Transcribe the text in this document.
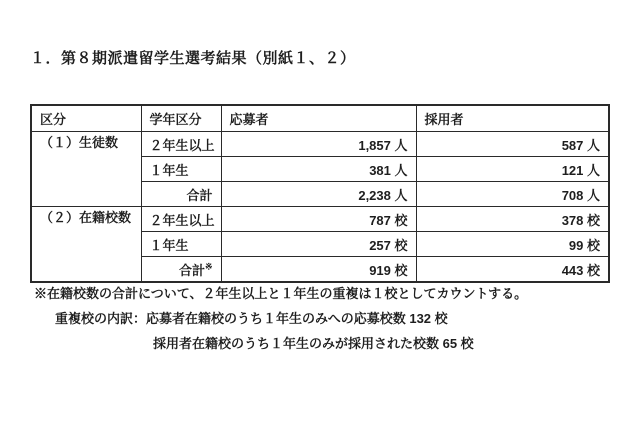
１．第８期派遣留学生選考結果（別紙１、２）
区分	学年区分	応募者	採用者
（１）生徒数	２年生以上	1,857 人	587 人
	１年生	381 人	121 人
	合計	2,238 人	708 人
（２）在籍校数	２年生以上	787 校	378 校
	１年生	257 校	99 校
	合計※	919 校	443 校
※在籍校数の合計について、２年生以上と１年生の重複は１校としてカウントする。
重複校の内訳：応募者在籍校のうち１年生のみへの応募校数 132 校
採用者在籍校のうち１年生のみが採用された校数 65 校
